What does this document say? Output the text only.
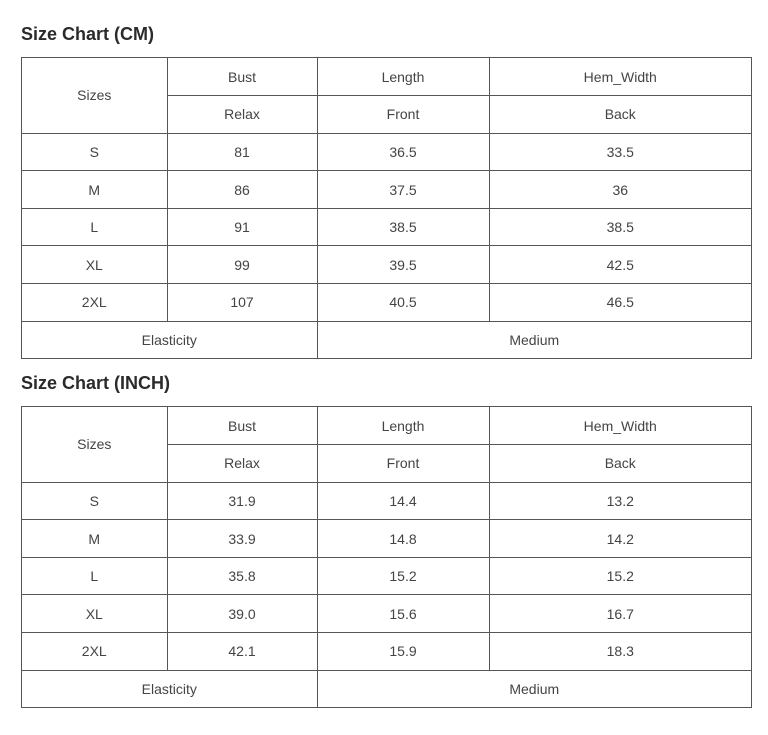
Size Chart (CM)
Sizes	Bust	Length	Hem_Width
	Relax	Front	Back
S	81	36.5	33.5
M	86	37.5	36
L	91	38.5	38.5
XL	99	39.5	42.5
2XL	107	40.5	46.5
Elasticity		Medium	
Size Chart (INCH)
Sizes	Bust	Length	Hem_Width
	Relax	Front	Back
S	31.9	14.4	13.2
M	33.9	14.8	14.2
L	35.8	15.2	15.2
XL	39.0	15.6	16.7
2XL	42.1	15.9	18.3
Elasticity		Medium	
